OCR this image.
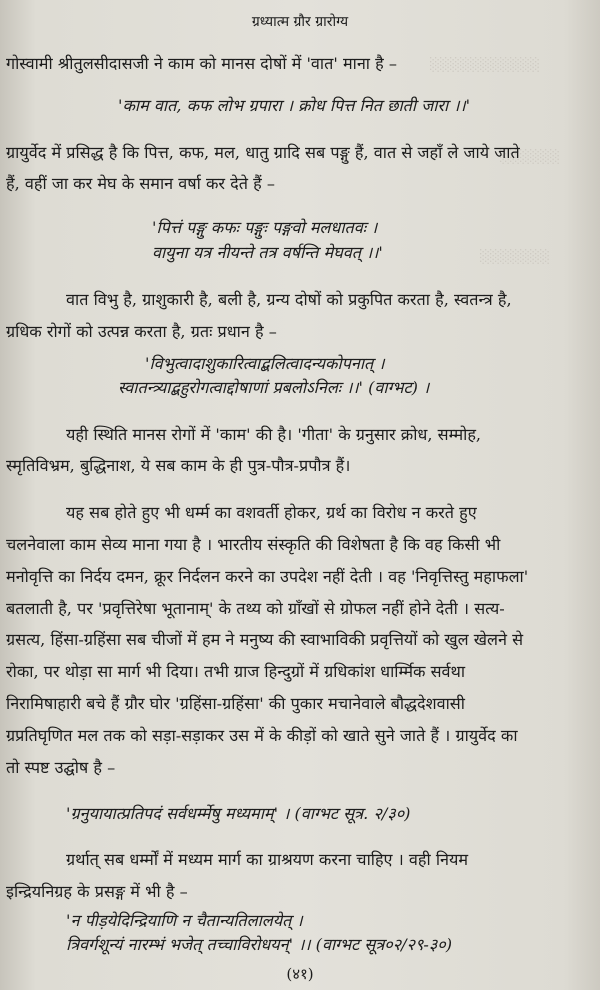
░░░░░░░░░░░
░░░░░░
░░░░░░░
ग्रध्यात्म ग्रौर ग्रारोग्य
गोस्वामी श्रीतुलसीदासजी ने काम को मानस दोषों में 'वात' माना है –
'काम वात, कफ लोभ ग्रपारा । क्रोध पित्त नित छाती जारा ।।'
ग्रायुर्वेद में प्रसिद्ध है कि पित्त, कफ, मल, धातु ग्रादि सब पङ्गु हैं, वात से जहाँ ले जाये जाते
हैं, वहीं जा कर मेघ के समान वर्षा कर देते हैं –
'पित्तं पङ्गु कफः पङ्गुः पङ्गवो मलधातवः ।
वायुना यत्र नीयन्ते तत्र वर्षन्ति मेघवत् ।।'
वात विभु है, ग्राशुकारी है, बली है, ग्रन्य दोषों को प्रकुपित करता है, स्वतन्त्र है,
ग्रधिक रोगों को उत्पन्न करता है, ग्रतः प्रधान है –
'विभुत्वादाशुकारित्वाद्बलित्वादन्यकोपनात् ।
स्वातन्त्र्याद्बहुरोगत्वाद्दोषाणां प्रबलोऽनिलः ।।' (वाग्भट) ।
यही स्थिति मानस रोगों में 'काम' की है। 'गीता' के ग्रनुसार क्रोध, सम्मोह,
स्मृतिविभ्रम, बुद्धिनाश, ये सब काम के ही पुत्र-पौत्र-प्रपौत्र हैं।
यह सब होते हुए भी धर्म्म का वशवर्ती होकर, ग्रर्थ का विरोध न करते हुए
चलनेवाला काम सेव्य माना गया है । भारतीय संस्कृति की विशेषता है कि वह किसी भी
मनोवृत्ति का निर्दय दमन, क्रूर निर्दलन करने का उपदेश नहीं देती । वह 'निवृत्तिस्तु महाफला'
बतलाती है, पर 'प्रवृत्तिरेषा भूतानाम्' के तथ्य को ग्राँखों से ग्रोफल नहीं होने देती । सत्य-
ग्रसत्य, हिंसा-ग्रहिंसा सब चीजों में हम ने मनुष्य की स्वाभाविकी प्रवृत्तियों को खुल खेलने से
रोका, पर थोड़ा सा मार्ग भी दिया। तभी ग्राज हिन्दुग्रों में ग्रधिकांश धार्म्मिक सर्वथा
निरामिषाहारी बचे हैं ग्रौर घोर 'ग्रहिंसा-ग्रहिंसा' की पुकार मचानेवाले बौद्धदेशवासी
ग्रप्रतिघृणित मल तक को सड़ा-सड़ाकर उस में के कीड़ों को खाते सुने जाते हैं । ग्रायुर्वेद का
तो स्पष्ट उद्घोष है –
'ग्रनुयायात्प्रतिपदं सर्वधर्म्मेषु मध्यमाम्' । (वाग्भट सूत्र. २/३०)
ग्रर्थात् सब धर्म्मों में मध्यम मार्ग का ग्राश्रयण करना चाहिए । वही नियम
इन्द्रियनिग्रह के प्रसङ्ग में भी है –
'न पीड़येदिन्द्रियाणि न चैतान्यतिलालयेत् ।
त्रिवर्गशून्यं नारम्भं भजेत् तच्चाविरोधयन्' ।। (वाग्भट सूत्र०२/२९-३०)
(४१)
